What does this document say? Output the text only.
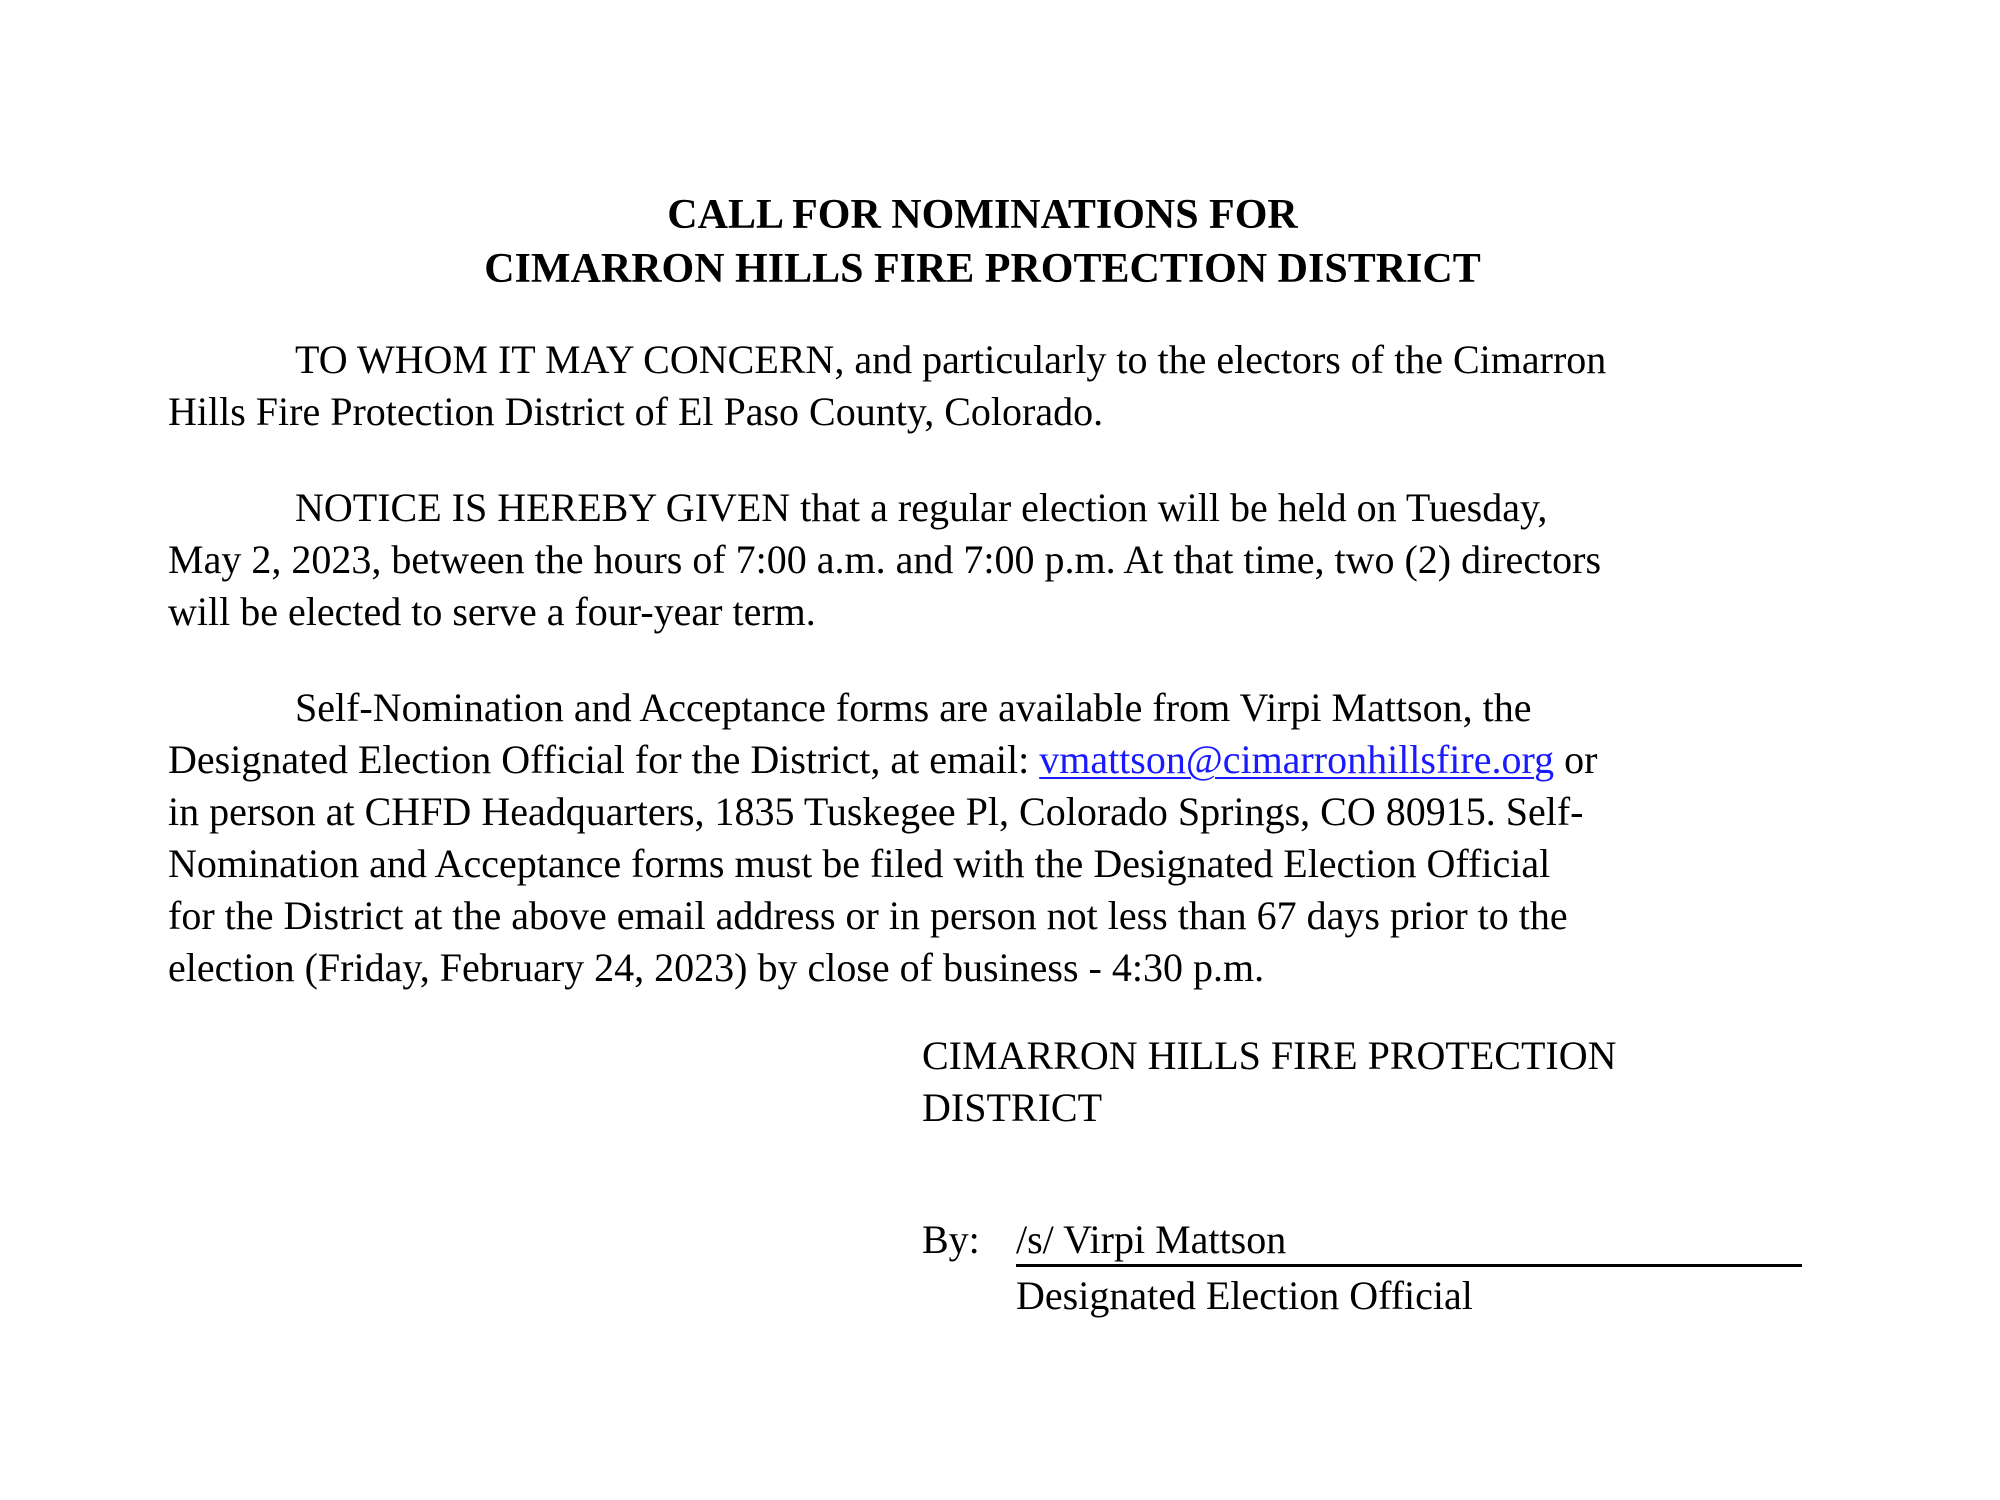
CALL FOR NOMINATIONS FOR
CIMARRON HILLS FIRE PROTECTION DISTRICT
TO WHOM IT MAY CONCERN, and particularly to the electors of the Cimarron
Hills Fire Protection District of El Paso County, Colorado.
NOTICE IS HEREBY GIVEN that a regular election will be held on Tuesday,
May 2, 2023, between the hours of 7:00 a.m. and 7:00 p.m. At that time, two (2) directors
will be elected to serve a four-year term.
Self-Nomination and Acceptance forms are available from Virpi Mattson, the
Designated Election Official for the District, at email: vmattson@cimarronhillsfire.org or
in person at CHFD Headquarters, 1835 Tuskegee Pl, Colorado Springs, CO 80915. Self-
Nomination and Acceptance forms must be filed with the Designated Election Official
for the District at the above email address or in person not less than 67 days prior to the
election (Friday, February 24, 2023) by close of business - 4:30 p.m.
CIMARRON HILLS FIRE PROTECTION
DISTRICT
By: /s/ Virpi Mattson
Designated Election Official
